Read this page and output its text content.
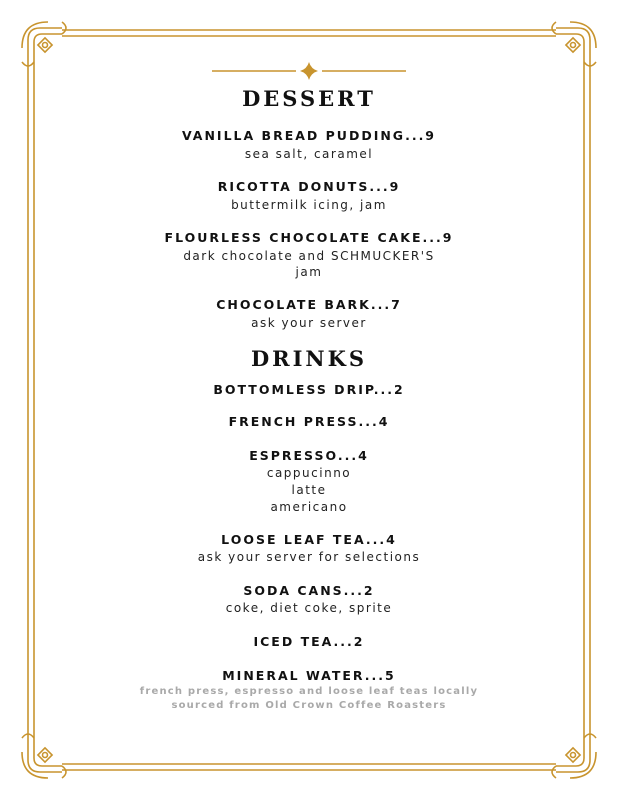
DESSERT
VANILLA BREAD PUDDING...9
sea salt, caramel
RICOTTA DONUTS...9
buttermilk icing, jam
FLOURLESS CHOCOLATE CAKE...9
dark chocolate and SCHMUCKER'S
jam
CHOCOLATE BARK...7
ask your server
DRINKS
BOTTOMLESS DRIP...2
FRENCH PRESS...4
ESPRESSO...4
cappucinno
latte
americano
LOOSE LEAF TEA...4
ask your server for selections
SODA CANS...2
coke, diet coke, sprite
ICED TEA...2
MINERAL WATER...5
french press, espresso and loose leaf teas locally
sourced from Old Crown Coffee Roasters
